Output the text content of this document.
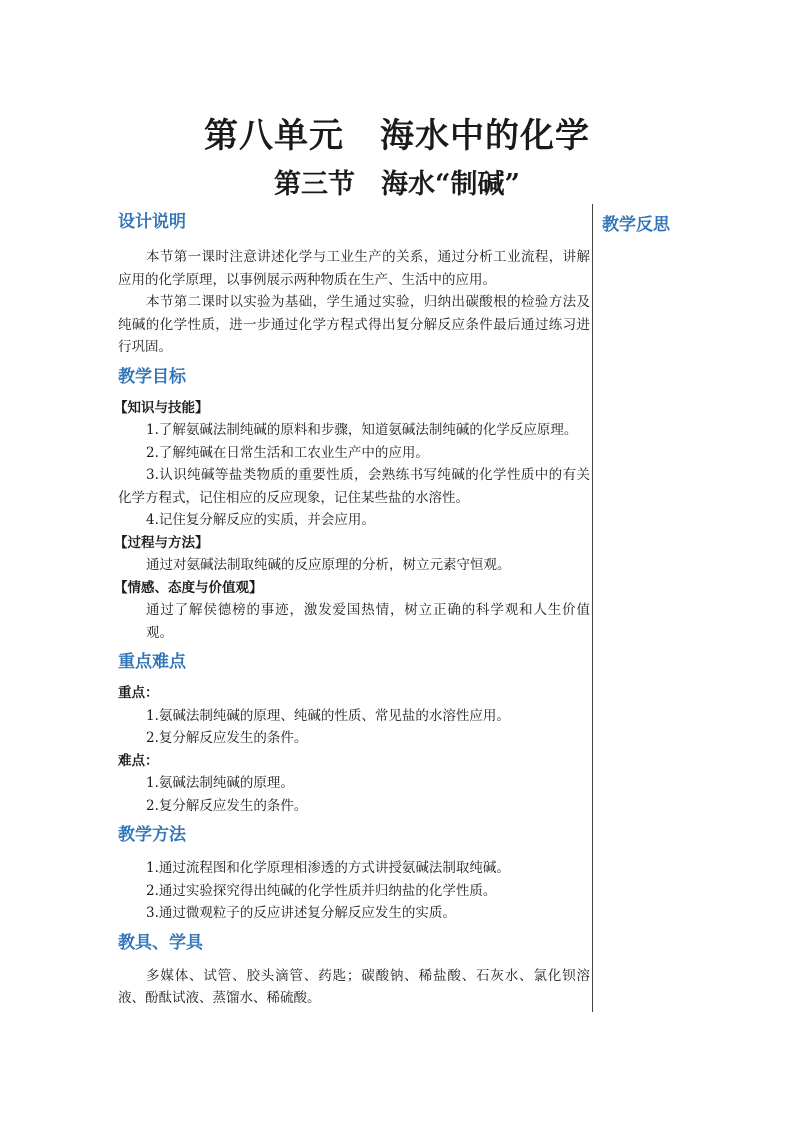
第八单元 海水中的化学
第三节 海水“制碱”
教学反思
设计说明

本节第一课时注意讲述化学与工业生产的关系，通过分析工业流程，讲解应用的化学原理，以事例展示两种物质在生产、生活中的应用。

本节第二课时以实验为基础，学生通过实验，归纳出碳酸根的检验方法及纯碱的化学性质，进一步通过化学方程式得出复分解反应条件最后通过练习进行巩固。

教学目标
【知识与技能】

1.了解氨碱法制纯碱的原料和步骤，知道氨碱法制纯碱的化学反应原理。

2.了解纯碱在日常生活和工农业生产中的应用。

3.认识纯碱等盐类物质的重要性质，会熟练书写纯碱的化学性质中的有关化学方程式，记住相应的反应现象，记住某些盐的水溶性。

4.记住复分解反应的实质，并会应用。

【过程与方法】

通过对氨碱法制取纯碱的反应原理的分析，树立元素守恒观。

【情感、态度与价值观】

通过了解侯德榜的事迹，激发爱国热情，树立正确的科学观和人生价值观。

重点难点
重点：

1.氨碱法制纯碱的原理、纯碱的性质、常见盐的水溶性应用。

2.复分解反应发生的条件。

难点：

1.氨碱法制纯碱的原理。

2.复分解反应发生的条件。

教学方法

1.通过流程图和化学原理相渗透的方式讲授氨碱法制取纯碱。

2.通过实验探究得出纯碱的化学性质并归纳盐的化学性质。

3.通过微观粒子的反应讲述复分解反应发生的实质。

教具、学具

多媒体、试管、胶头滴管、药匙；碳酸钠、稀盐酸、石灰水、氯化钡溶液、酚酞试液、蒸馏水、稀硫酸。
